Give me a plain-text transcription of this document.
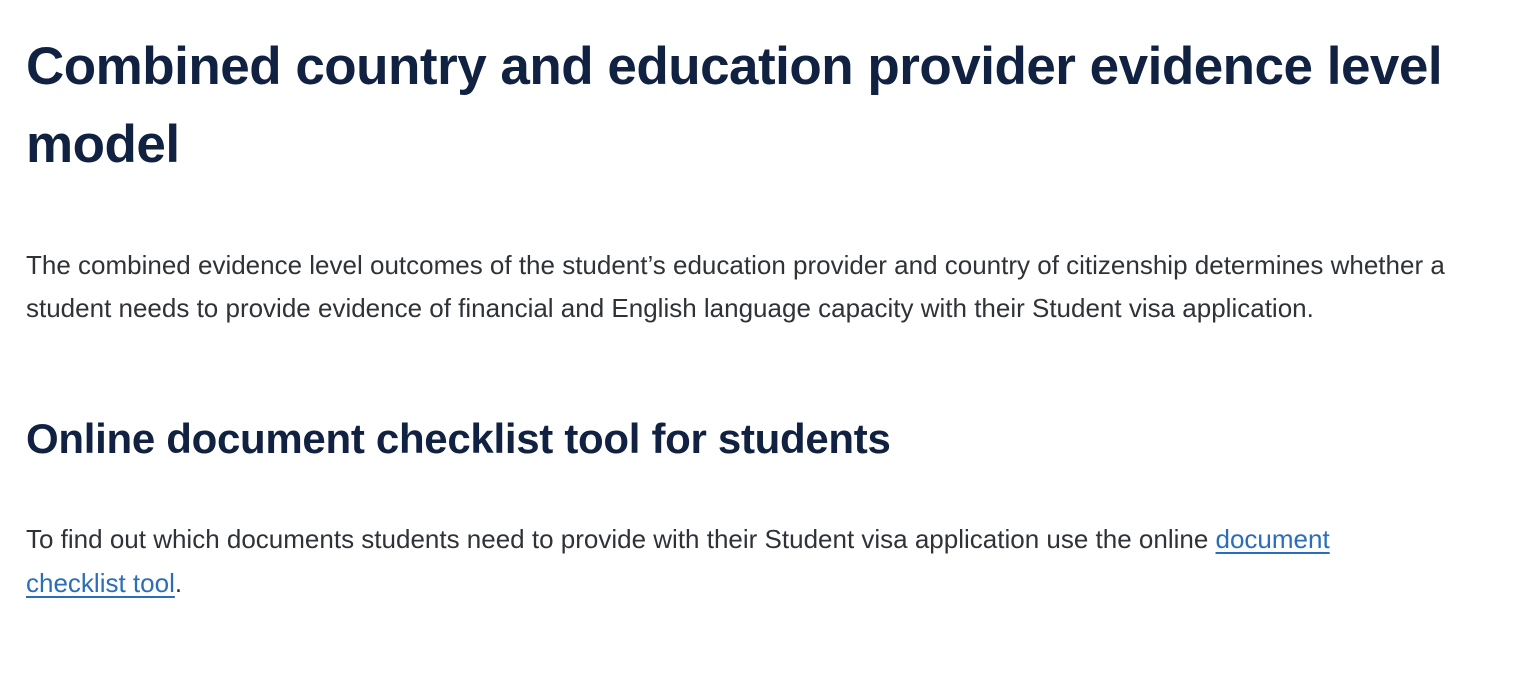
Combined country and education provider evidence level model

The combined evidence level outcomes of the student’s education provider and country of citizenship determines whether a student needs to provide evidence of financial and English language capacity with their Student visa application.

Online document checklist tool for students

To find out which documents students need to provide with their Student visa application use the online document checklist tool.
